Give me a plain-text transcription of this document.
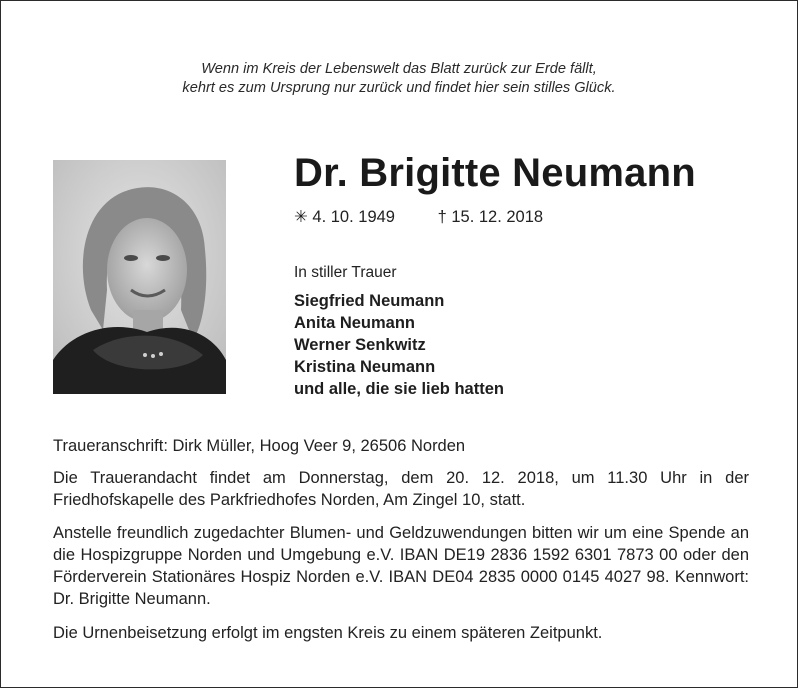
Wenn im Kreis der Lebenswelt das Blatt zurück zur Erde fällt,
kehrt es zum Ursprung nur zurück und findet hier sein stilles Glück.
Dr. Brigitte Neumann
✳ 4. 10. 1949	† 15. 12. 2018
In stiller Trauer
Siegfried Neumann
Anita Neumann
Werner Senkwitz
Kristina Neumann
und alle, die sie lieb hatten

Traueranschrift: Dirk Müller, Hoog Veer 9, 26506 Norden

Die Trauerandacht findet am Donnerstag, dem 20. 12. 2018, um 11.30 Uhr in der Friedhofskapelle des Parkfriedhofes Norden, Am Zingel 10, statt.

Anstelle freundlich zugedachter Blumen- und Geldzuwendungen bitten wir um eine Spende an die Hospizgruppe Norden und Umgebung e.V. IBAN DE19 2836 1592 6301 7873 00 oder den Förderverein Stationäres Hospiz Norden e.V. IBAN DE04 2835 0000 0145 4027 98. Kennwort: Dr. Brigitte Neumann.

Die Urnenbeisetzung erfolgt im engsten Kreis zu einem späteren Zeitpunkt.
